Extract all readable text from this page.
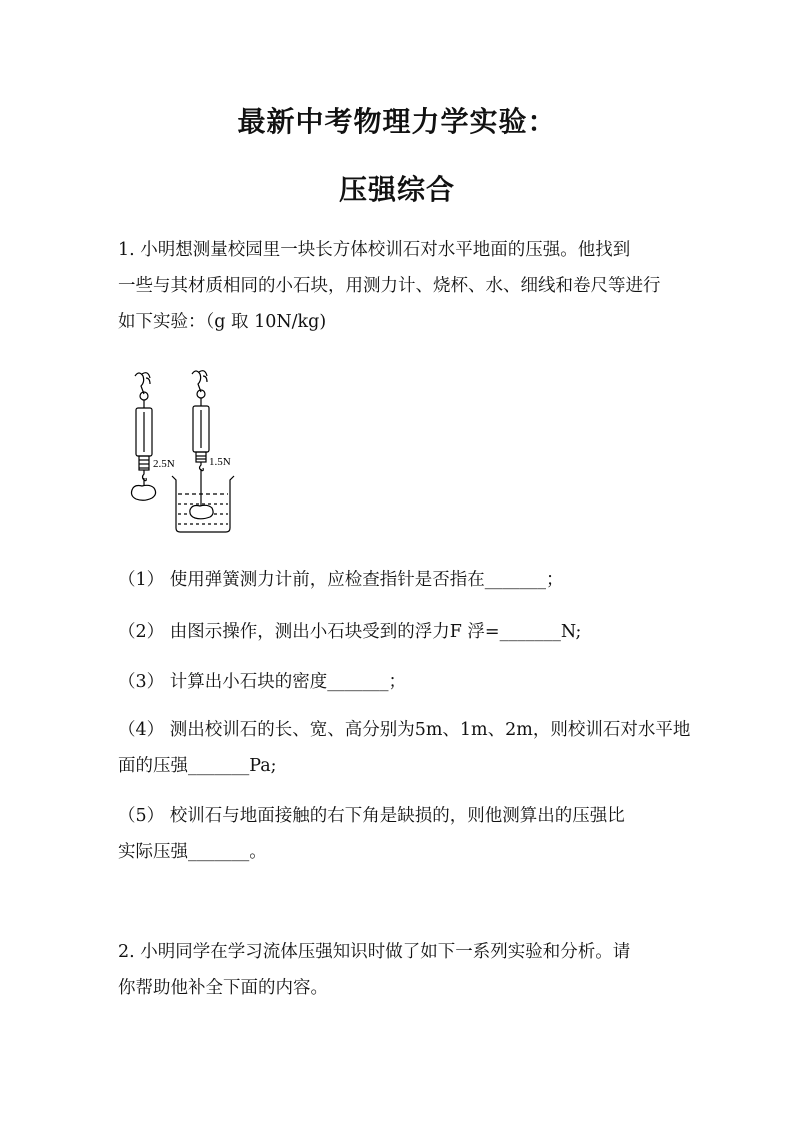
最新中考物理力学实验：
压强综合
1. 小明想测量校园里一块长方体校训石对水平地面的压强。他找到
一些与其材质相同的小石块，用测力计、烧杯、水、细线和卷尺等进行
如下实验：（g 取 10N/kg)
2.5N	1.5N
（1） 使用弹簧测力计前，应检查指针是否指在_______；
（2） 由图示操作，测出小石块受到的浮力F 浮=_______N;
（3） 计算出小石块的密度_______；
（4） 测出校训石的长、宽、高分别为5m、1m、2m，则校训石对水平地
面的压强_______Pa;
（5） 校训石与地面接触的右下角是缺损的，则他测算出的压强比
实际压强_______。
2. 小明同学在学习流体压强知识时做了如下一系列实验和分析。请
你帮助他补全下面的内容。
